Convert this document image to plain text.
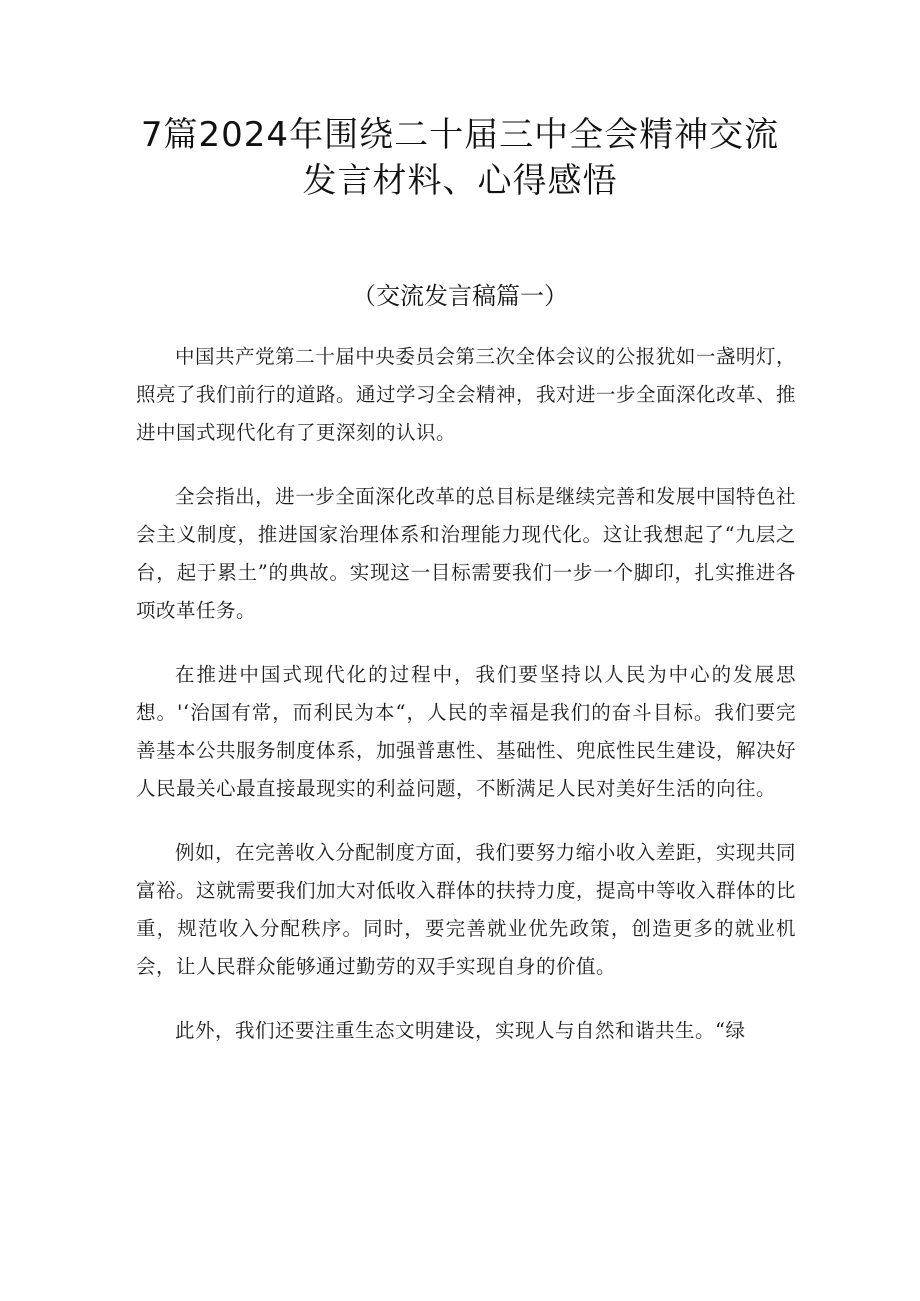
7篇2024年围绕二十届三中全会精神交流
发言材料、心得感悟
（交流发言稿篇一）

中国共产党第二十届中央委员会第三次全体会议的公报犹如一盏明灯，照亮了我们前行的道路。通过学习全会精神，我对进一步全面深化改革、推进中国式现代化有了更深刻的认识。

全会指出，进一步全面深化改革的总目标是继续完善和发展中国特色社会主义制度，推进国家治理体系和治理能力现代化。这让我想起了“九层之台，起于累土”的典故。实现这一目标需要我们一步一个脚印，扎实推进各项改革任务。

在推进中国式现代化的过程中，我们要坚持以人民为中心的发展思想。'‘治国有常，而利民为本“，人民的幸福是我们的奋斗目标。我们要完善基本公共服务制度体系，加强普惠性、基础性、兜底性民生建设，解决好人民最关心最直接最现实的利益问题，不断满足人民对美好生活的向往。

例如，在完善收入分配制度方面，我们要努力缩小收入差距，实现共同富裕。这就需要我们加大对低收入群体的扶持力度，提高中等收入群体的比重，规范收入分配秩序。同时，要完善就业优先政策，创造更多的就业机会，让人民群众能够通过勤劳的双手实现自身的价值。

此外，我们还要注重生态文明建设，实现人与自然和谐共生。“绿
